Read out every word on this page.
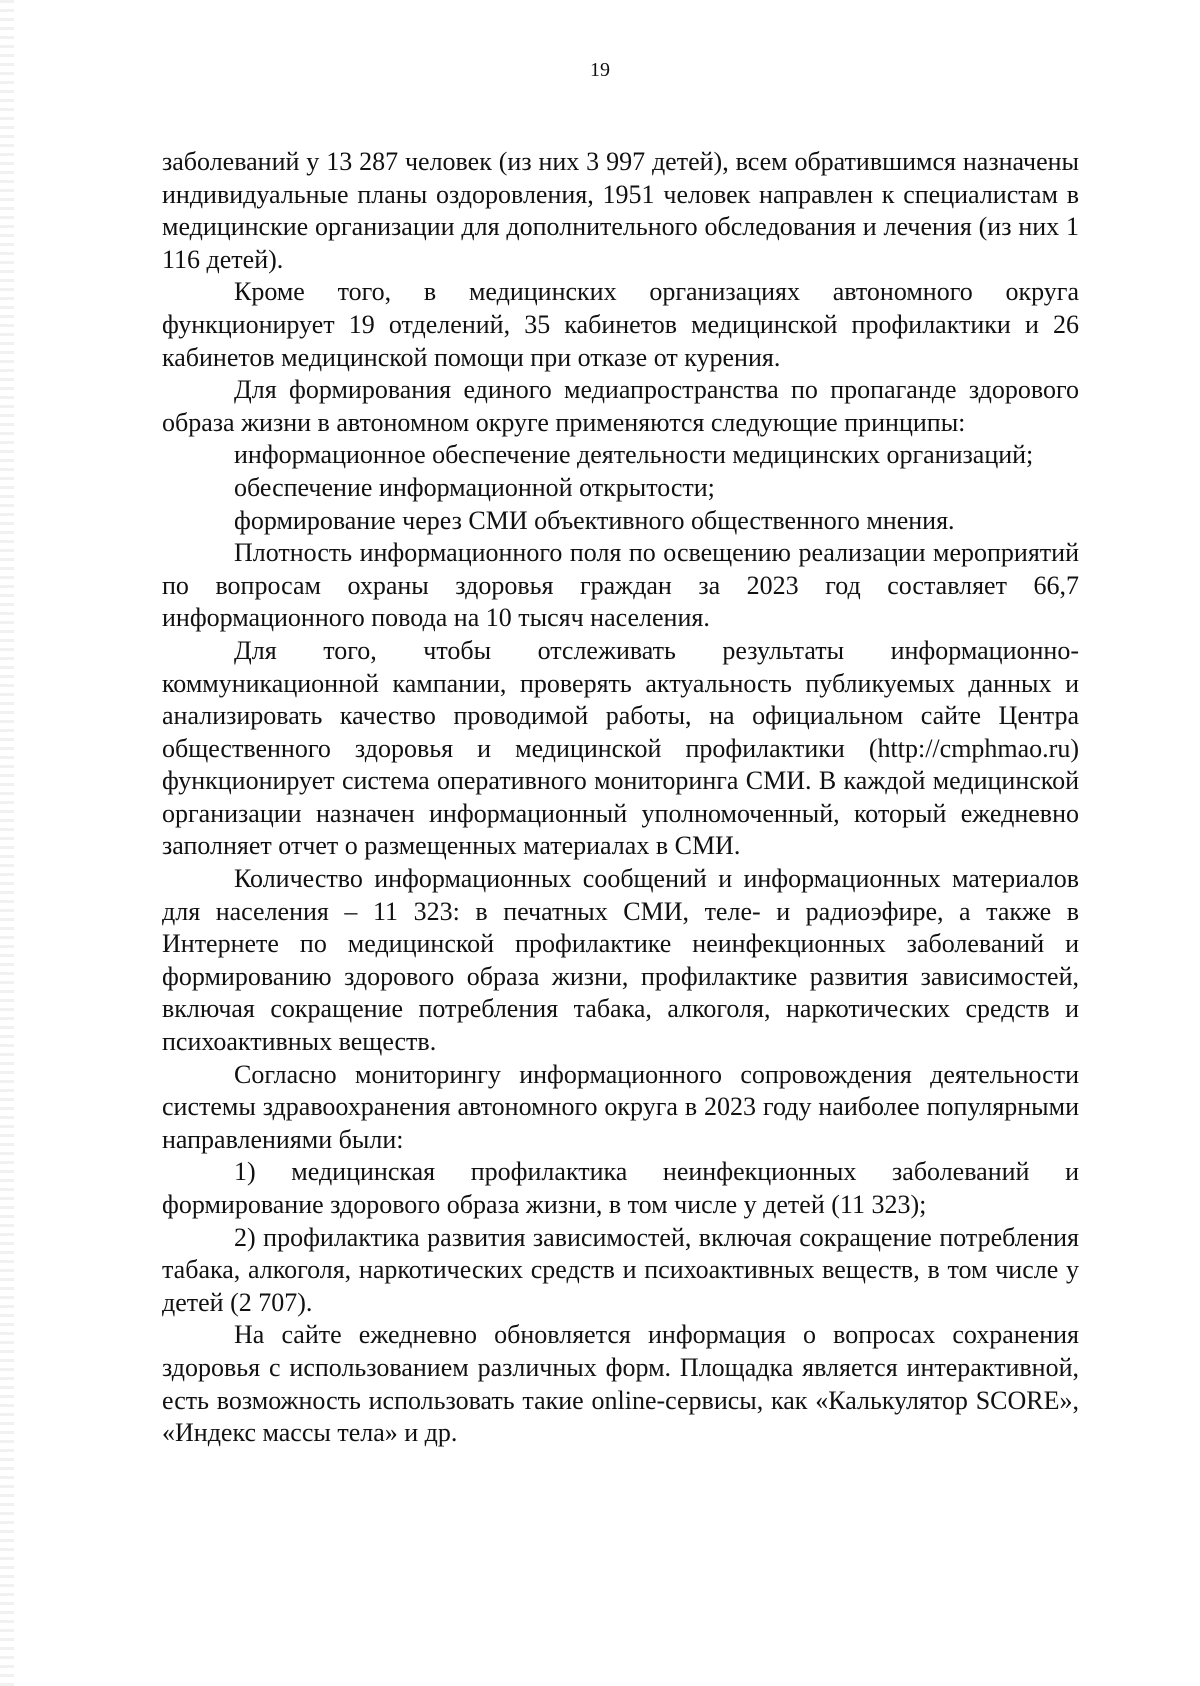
19

заболеваний у 13 287 человек (из них 3 997 детей), всем обратившимся назначены индивидуальные планы оздоровления, 1951 человек направлен к специалистам в медицинские организации для дополнительного обследования и лечения (из них 1 116 детей).

Кроме того, в медицинских организациях автономного округа функционирует 19 отделений, 35 кабинетов медицинской профилактики и 26 кабинетов медицинской помощи при отказе от курения.

Для формирования единого медиапространства по пропаганде здорового образа жизни в автономном округе применяются следующие принципы:

информационное обеспечение деятельности медицинских организаций;

обеспечение информационной открытости;

формирование через СМИ объективного общественного мнения.

Плотность информационного поля по освещению реализации мероприятий по вопросам охраны здоровья граждан за 2023 год составляет 66,7 информационного повода на 10 тысяч населения.

Для того, чтобы отслеживать результаты информационно-коммуникационной кампании, проверять актуальность публикуемых данных и анализировать качество проводимой работы, на официальном сайте Центра общественного здоровья и медицинской профилактики (http://cmphmao.ru) функционирует система оперативного мониторинга СМИ. В каждой медицинской организации назначен информационный уполномоченный, который ежедневно заполняет отчет о размещенных материалах в СМИ.

Количество информационных сообщений и информационных материалов для населения – 11 323: в печатных СМИ, теле- и радиоэфире, а также в Интернете по медицинской профилактике неинфекционных заболеваний и формированию здорового образа жизни, профилактике развития зависимостей, включая сокращение потребления табака, алкоголя, наркотических средств и психоактивных веществ.

Согласно мониторингу информационного сопровождения деятельности системы здравоохранения автономного округа в 2023 году наиболее популярными направлениями были:

1) медицинская профилактика неинфекционных заболеваний и формирование здорового образа жизни, в том числе у детей (11 323);

2) профилактика развития зависимостей, включая сокращение потребления табака, алкоголя, наркотических средств и психоактивных веществ, в том числе у детей (2 707).

На сайте ежедневно обновляется информация о вопросах сохранения здоровья с использованием различных форм. Площадка является интерактивной, есть возможность использовать такие online-сервисы, как «Калькулятор SCORE», «Индекс массы тела» и др.
